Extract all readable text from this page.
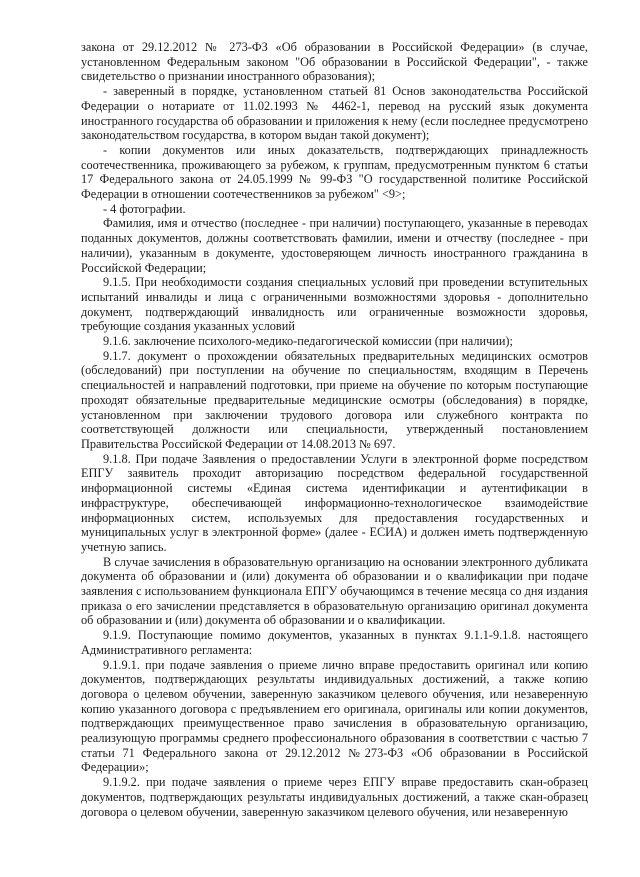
закона от 29.12.2012 № 273-ФЗ «Об образовании в Российской Федерации» (в случае, установленном Федеральным законом "Об образовании в Российской Федерации", - также свидетельство о признании иностранного образования);

- заверенный в порядке, установленном статьей 81 Основ законодательства Российской Федерации о нотариате от 11.02.1993 № 4462-1, перевод на русский язык документа иностранного государства об образовании и приложения к нему (если последнее предусмотрено законодательством государства, в котором выдан такой документ);

- копии документов или иных доказательств, подтверждающих принадлежность соотечественника, проживающего за рубежом, к группам, предусмотренным пунктом 6 статьи 17 Федерального закона от 24.05.1999 № 99-ФЗ "О государственной политике Российской Федерации в отношении соотечественников за рубежом" <9>;

- 4 фотографии.

Фамилия, имя и отчество (последнее - при наличии) поступающего, указанные в переводах поданных документов, должны соответствовать фамилии, имени и отчеству (последнее - при наличии), указанным в документе, удостоверяющем личность иностранного гражданина в Российской Федерации;

9.1.5. При необходимости создания специальных условий при проведении вступительных испытаний инвалиды и лица с ограниченными возможностями здоровья - дополнительно документ, подтверждающий инвалидность или ограниченные возможности здоровья, требующие создания указанных условий

9.1.6. заключение психолого-медико-педагогической комиссии (при наличии);

9.1.7. документ о прохождении обязательных предварительных медицинских осмотров (обследований) при поступлении на обучение по специальностям, входящим в Перечень специальностей и направлений подготовки, при приеме на обучение по которым поступающие проходят обязательные предварительные медицинские осмотры (обследования) в порядке, установленном при заключении трудового договора или служебного контракта по соответствующей должности или специальности, утвержденный постановлением Правительства Российской Федерации от 14.08.2013 № 697.

9.1.8. При подаче Заявления о предоставлении Услуги в электронной форме посредством ЕПГУ заявитель проходит авторизацию посредством федеральной государственной информационной системы «Единая система идентификации и аутентификации в инфраструктуре, обеспечивающей информационно-технологическое взаимодействие информационных систем, используемых для предоставления государственных и муниципальных услуг в электронной форме» (далее - ЕСИА) и должен иметь подтвержденную учетную запись.

В случае зачисления в образовательную организацию на основании электронного дубликата документа об образовании и (или) документа об образовании и о квалификации при подаче заявления с использованием функционала ЕПГУ обучающимся в течение месяца со дня издания приказа о его зачислении представляется в образовательную организацию оригинал документа об образовании и (или) документа об образовании и о квалификации.

9.1.9. Поступающие помимо документов, указанных в пунктах 9.1.1-9.1.8. настоящего Административного регламента:

9.1.9.1. при подаче заявления о приеме лично вправе предоставить оригинал или копию документов, подтверждающих результаты индивидуальных достижений, а также копию договора о целевом обучении, заверенную заказчиком целевого обучения, или незаверенную копию указанного договора с предъявлением его оригинала, оригиналы или копии документов, подтверждающих преимущественное право зачисления в образовательную организацию, реализующую программы среднего профессионального образования в соответствии с частью 7 статьи 71 Федерального закона от 29.12.2012 №273-ФЗ «Об образовании в Российской Федерации»;

9.1.9.2. при подаче заявления о приеме через ЕПГУ вправе предоставить скан-образец документов, подтверждающих результаты индивидуальных достижений, а также скан-образец договора о целевом обучении, заверенную заказчиком целевого обучения, или незаверенную
